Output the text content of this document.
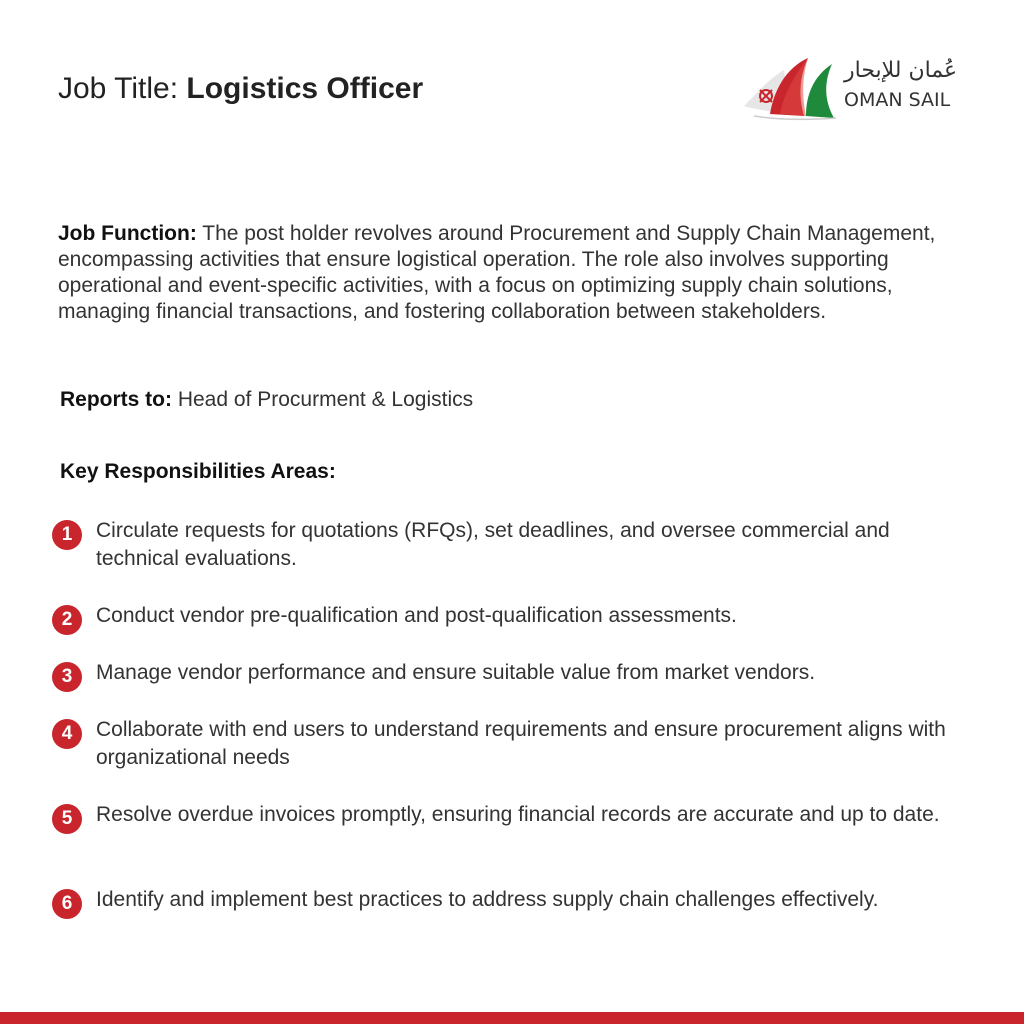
Job Title: Logistics Officer
عُمان للإبحار
OMAN SAIL

Job Function: The post holder revolves around Procurement and Supply Chain Management, encompassing activities that ensure logistical operation. The role also involves supporting operational and event-specific activities, with a focus on optimizing supply chain solutions, managing financial transactions, and fostering collaboration between stakeholders.

Reports to: Head of Procurment & Logistics

Key Responsibilities Areas:
1	Circulate requests for quotations (RFQs), set deadlines, and oversee commercial and technical evaluations.
2	Conduct vendor pre-qualification and post-qualification assessments.
3	Manage vendor performance and ensure suitable value from market vendors.
4	Collaborate with end users to understand requirements and ensure procurement aligns with organizational needs
5	Resolve overdue invoices promptly, ensuring financial records are accurate and up to date.
6	Identify and implement best practices to address supply chain challenges effectively.
